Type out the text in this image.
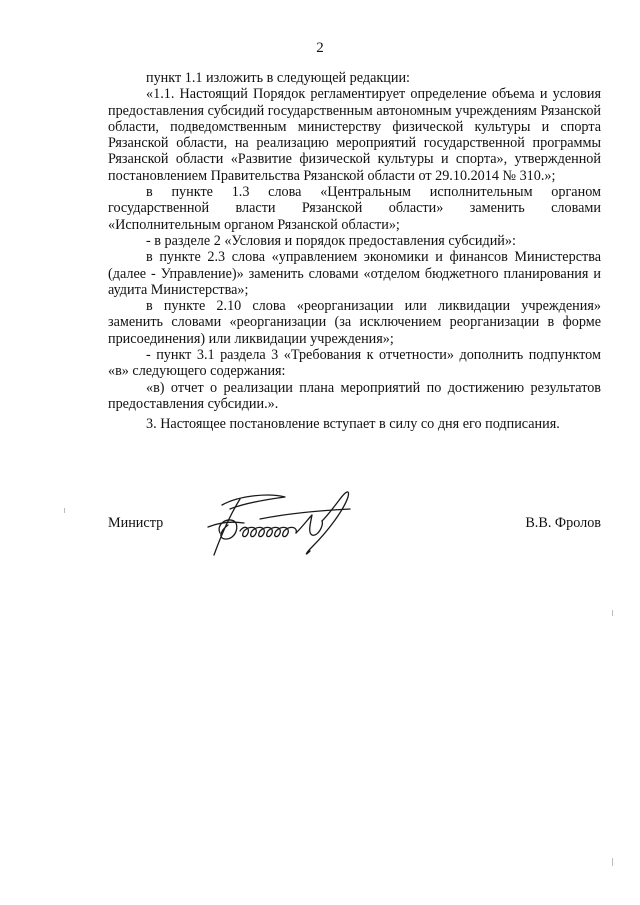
2

пункт 1.1 изложить в следующей редакции:

«1.1. Настоящий Порядок регламентирует определение объема и условия предоставления субсидий государственным автономным учреждениям Рязанской области, подведомственным министерству физической культуры и спорта Рязанской области, на реализацию мероприятий государственной программы Рязанской области «Развитие физической культуры и спорта», утвержденной постановлением Правительства Рязанской области от 29.10.2014 № 310.»;

в пункте 1.3 слова «Центральным исполнительным органом государственной власти Рязанской области» заменить словами «Исполнительным органом Рязанской области»;

- в разделе 2 «Условия и порядок предоставления субсидий»:

в пункте 2.3 слова «управлением экономики и финансов Министерства (далее - Управление)» заменить словами «отделом бюджетного планирования и аудита Министерства»;

в пункте 2.10 слова «реорганизации или ликвидации учреждения» заменить словами «реорганизации (за исключением реорганизации в форме присоединения) или ликвидации учреждения»;

- пункт 3.1 раздела 3 «Требования к отчетности» дополнить подпунктом «в» следующего содержания:

«в) отчет о реализации плана мероприятий по достижению результатов предоставления субсидии.».

3. Настоящее постановление вступает в силу со дня его подписания.

Министр	В.В. Фролов
